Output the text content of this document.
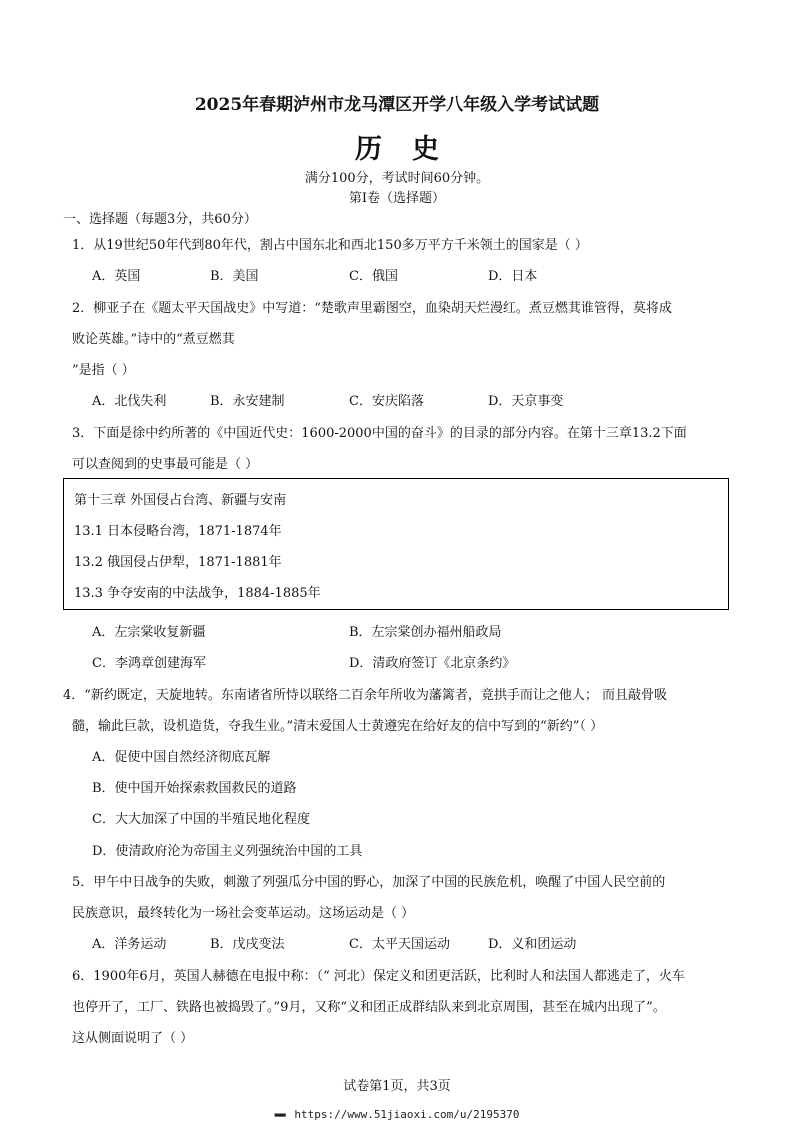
2025年春期泸州市龙马潭区开学八年级入学考试试题
历史
满分100分，考试时间60分钟。
第Ⅰ卷（选择题）
一、选择题（每题3分，共60分）
1．从19世纪50年代到80年代，割占中国东北和西北150多万平方千米领土的国家是（ ）
A．英国	B．美国	C．俄国	D．日本
2．柳亚子在《题太平天国战史》中写道：“楚歌声里霸图空，血染胡天烂漫红。煮豆燃萁谁管得，莫将成
败论英雄。”诗中的“煮豆燃萁
”是指（ ）
A．北伐失利	B．永安建制	C．安庆陷落	D．天京事变
3．下面是徐中约所著的《中国近代史：1600-2000中国的奋斗》的目录的部分内容。在第十三章13.2下面
可以查阅到的史事最可能是（ ）
第十三章 外国侵占台湾、新疆与安南
13.1 日本侵略台湾，1871-1874年
13.2 俄国侵占伊犁，1871-1881年
13.3 争夺安南的中法战争，1884-1885年
A．左宗棠收复新疆	B．左宗棠创办福州船政局
C．李鸿章创建海军	D．清政府签订《北京条约》
4．“新约既定，天旋地转。东南诸省所恃以联络二百余年所收为藩篱者，竟拱手而让之他人； 而且敲骨吸
髓，输此巨款，设机造货，夺我生业。”清末爱国人士黄遵宪在给好友的信中写到的“新约”（ ）
A．促使中国自然经济彻底瓦解
B．使中国开始探索救国救民的道路
C．大大加深了中国的半殖民地化程度
D．使清政府沦为帝国主义列强统治中国的工具
5．甲午中日战争的失败，刺激了列强瓜分中国的野心，加深了中国的民族危机，唤醒了中国人民空前的
民族意识，最终转化为一场社会变革运动。这场运动是（ ）
A．洋务运动	B．戊戌变法	C．太平天国运动	D．义和团运动
6．1900年6月，英国人赫德在电报中称：（“ 河北）保定义和团更活跃，比利时人和法国人都逃走了，火车
也停开了，工厂、铁路也被捣毁了。”9月，又称“义和团正成群结队来到北京周围，甚至在城内出现了”。
这从侧面说明了（ ）
试卷第1页，共3页
▬▬ https://www.51jiaoxi.com/u/2195370
